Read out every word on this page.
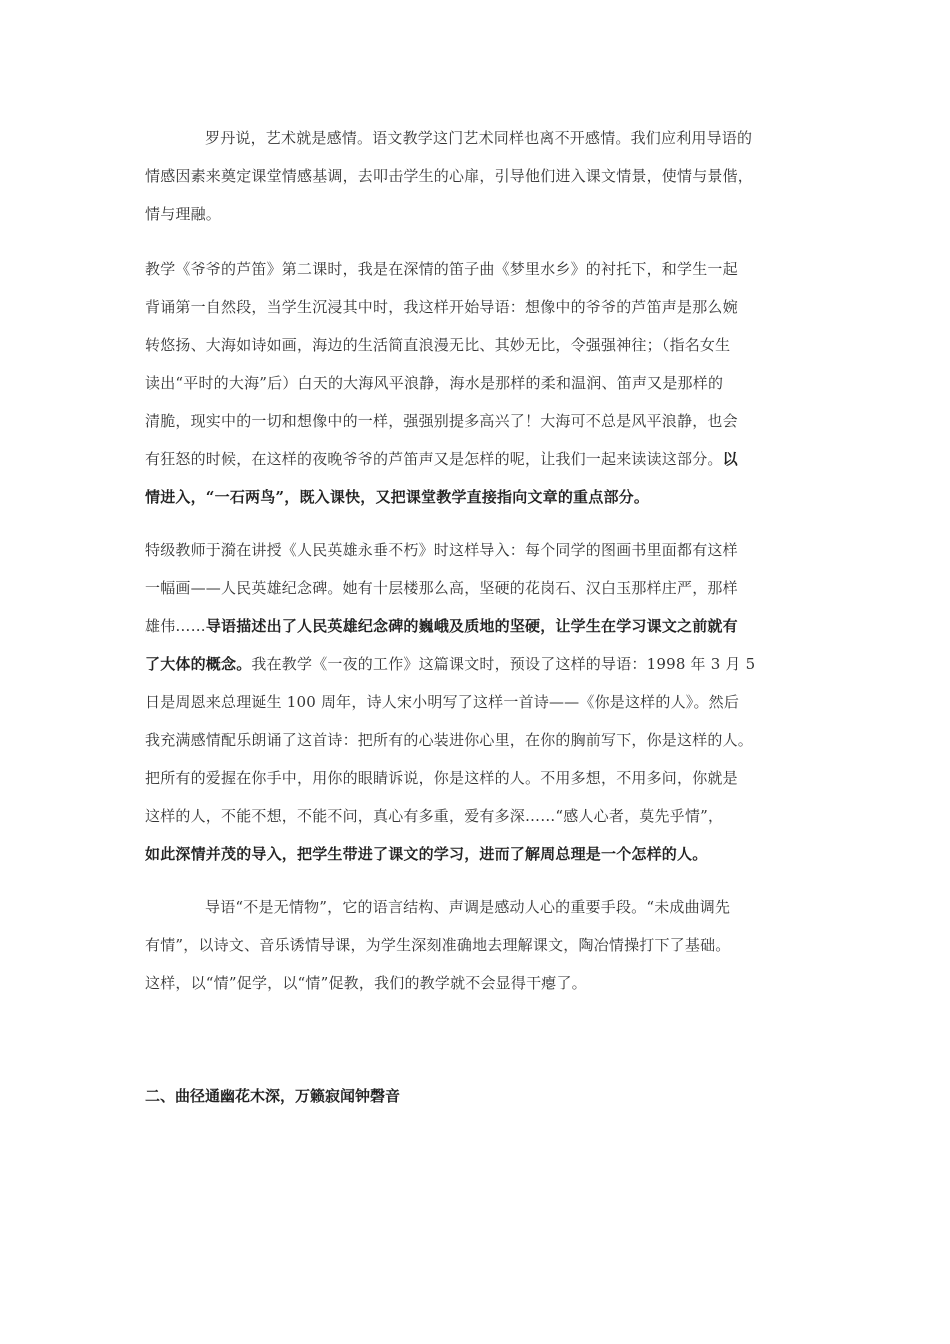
罗丹说，艺术就是感情。语文教学这门艺术同样也离不开感情。我们应利用导语的
情感因素来奠定课堂情感基调，去叩击学生的心扉，引导他们进入课文情景，使情与景偕，
情与理融。

教学《爷爷的芦笛》第二课时，我是在深情的笛子曲《梦里水乡》的衬托下，和学生一起
背诵第一自然段，当学生沉浸其中时，我这样开始导语：想像中的爷爷的芦笛声是那么婉
转悠扬、大海如诗如画，海边的生活简直浪漫无比、其妙无比，令强强神往；（指名女生
读出“平时的大海”后）白天的大海风平浪静，海水是那样的柔和温润、笛声又是那样的
清脆，现实中的一切和想像中的一样，强强别提多高兴了！大海可不总是风平浪静，也会
有狂怒的时候，在这样的夜晚爷爷的芦笛声又是怎样的呢，让我们一起来读读这部分。以
情进入，“一石两鸟”，既入课快，又把课堂教学直接指向文章的重点部分。

特级教师于漪在讲授《人民英雄永垂不朽》时这样导入：每个同学的图画书里面都有这样
一幅画——人民英雄纪念碑。她有十层楼那么高，坚硬的花岗石、汉白玉那样庄严，那样
雄伟……导语描述出了人民英雄纪念碑的巍峨及质地的坚硬，让学生在学习课文之前就有
了大体的概念。我在教学《一夜的工作》这篇课文时，预设了这样的导语：1998 年 3 月 5
日是周恩来总理诞生 100 周年，诗人宋小明写了这样一首诗——《你是这样的人》。然后
我充满感情配乐朗诵了这首诗：把所有的心装进你心里，在你的胸前写下，你是这样的人。
把所有的爱握在你手中，用你的眼睛诉说，你是这样的人。不用多想，不用多问，你就是
这样的人，不能不想，不能不问，真心有多重，爱有多深……“感人心者，莫先乎情”，
如此深情并茂的导入，把学生带进了课文的学习，进而了解周总理是一个怎样的人。

导语“不是无情物”，它的语言结构、声调是感动人心的重要手段。“未成曲调先
有情”，以诗文、音乐诱情导课，为学生深刻准确地去理解课文，陶冶情操打下了基础。
这样，以“情”促学，以“情”促教，我们的教学就不会显得干瘪了。

二、曲径通幽花木深，万籁寂闻钟磬音
